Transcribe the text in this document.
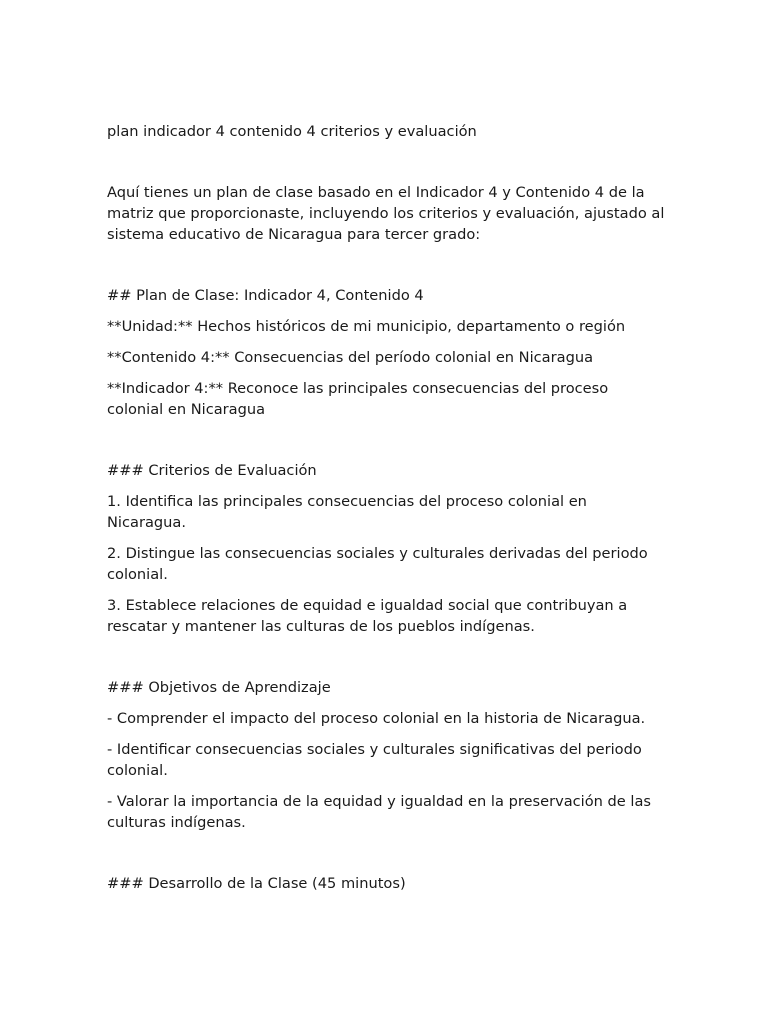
plan indicador 4 contenido 4 criterios y evaluación

Aquí tienes un plan de clase basado en el Indicador 4 y Contenido 4 de la matriz que proporcionaste, incluyendo los criterios y evaluación, ajustado al sistema educativo de Nicaragua para tercer grado:

## Plan de Clase: Indicador 4, Contenido 4

**Unidad:** Hechos históricos de mi municipio, departamento o región

**Contenido 4:** Consecuencias del período colonial en Nicaragua

**Indicador 4:** Reconoce las principales consecuencias del proceso colonial en Nicaragua

### Criterios de Evaluación

1. Identifica las principales consecuencias del proceso colonial en Nicaragua.

2. Distingue las consecuencias sociales y culturales derivadas del periodo colonial.

3. Establece relaciones de equidad e igualdad social que contribuyan a rescatar y mantener las culturas de los pueblos indígenas.

### Objetivos de Aprendizaje

- Comprender el impacto del proceso colonial en la historia de Nicaragua.

- Identificar consecuencias sociales y culturales significativas del periodo colonial.

- Valorar la importancia de la equidad y igualdad en la preservación de las culturas indígenas.

### Desarrollo de la Clase (45 minutos)
